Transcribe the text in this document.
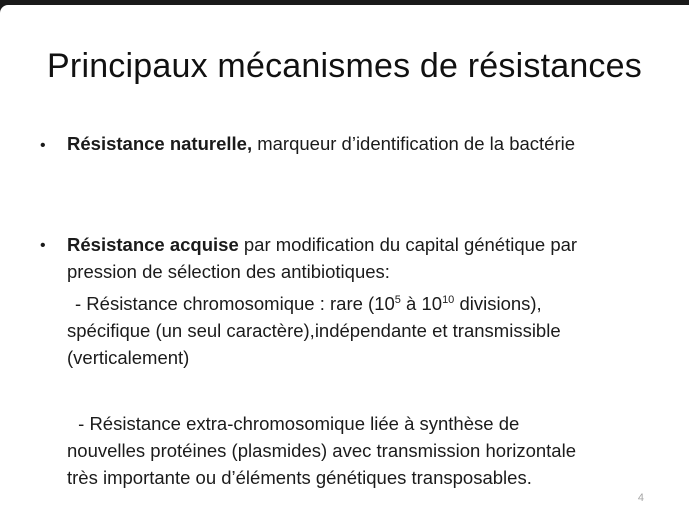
Principaux mécanismes de résistances
• Résistance naturelle, marqueur d’identification de la bactérie
• Résistance acquise par modification du capital génétique par
pression de sélection des antibiotiques:
- Résistance chromosomique : rare ($10^5$ à $10^{10}$ divisions),
spécifique (un seul caractère),indépendante et transmissible
(verticalement)
- Résistance extra-chromosomique liée à synthèse de
nouvelles protéines (plasmides) avec transmission horizontale
très importante ou d’éléments génétiques transposables.
4
